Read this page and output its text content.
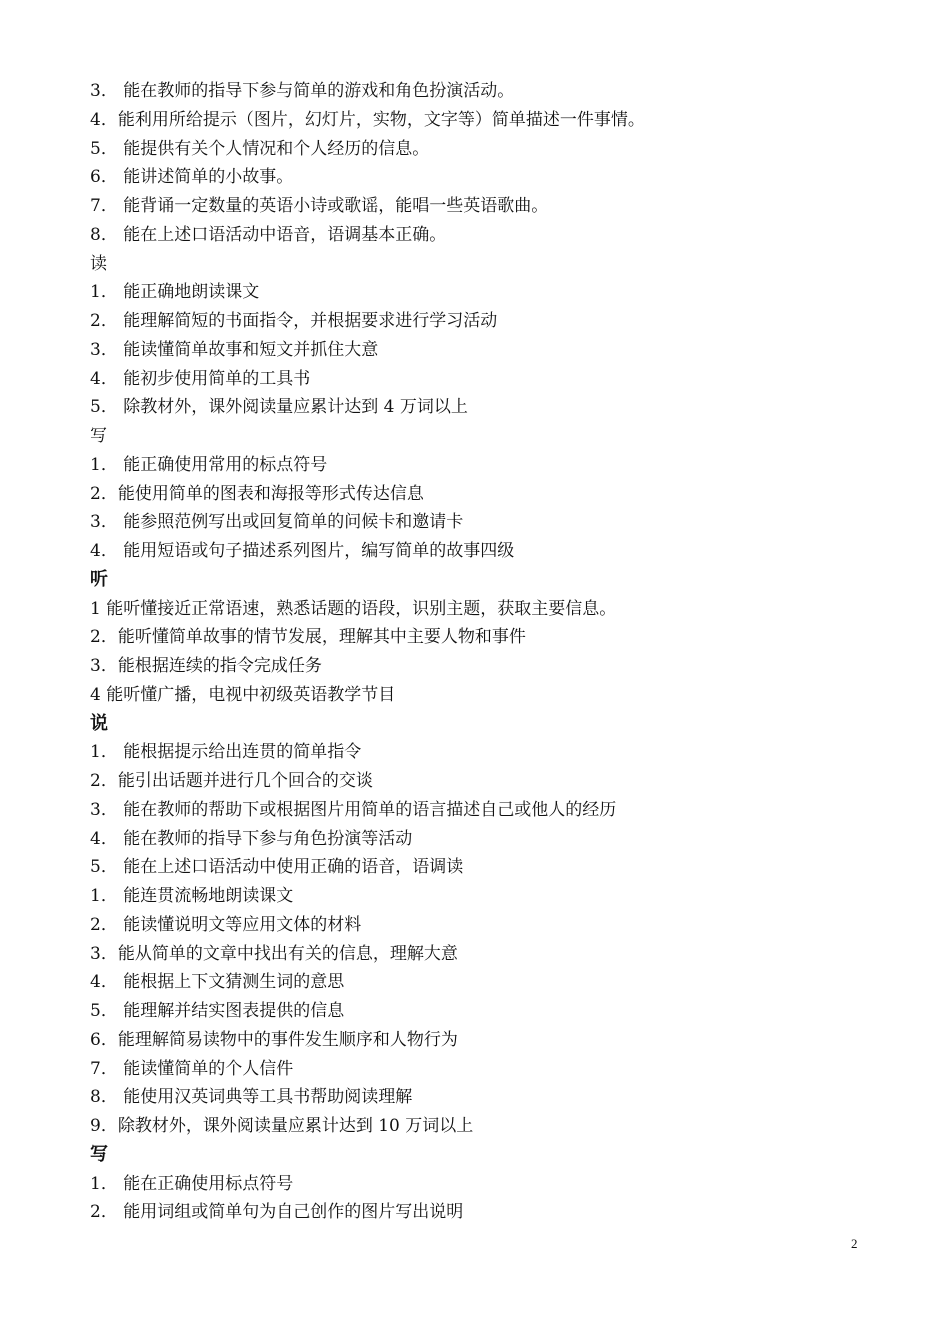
3． 能在教师的指导下参与简单的游戏和角色扮演活动。
4．能利用所给提示（图片，幻灯片，实物，文字等）简单描述一件事情。
5． 能提供有关个人情况和个人经历的信息。
6． 能讲述简单的小故事。
7． 能背诵一定数量的英语小诗或歌谣，能唱一些英语歌曲。
8． 能在上述口语活动中语音，语调基本正确。
读
1． 能正确地朗读课文
2． 能理解简短的书面指令，并根据要求进行学习活动
3． 能读懂简单故事和短文并抓住大意
4． 能初步使用简单的工具书
5． 除教材外，课外阅读量应累计达到 4 万词以上
写
1． 能正确使用常用的标点符号
2．能使用简单的图表和海报等形式传达信息
3． 能参照范例写出或回复简单的问候卡和邀请卡
4． 能用短语或句子描述系列图片，编写简单的故事四级
听
1 能听懂接近正常语速，熟悉话题的语段，识别主题，获取主要信息。
2．能听懂简单故事的情节发展，理解其中主要人物和事件
3．能根据连续的指令完成任务
4 能听懂广播，电视中初级英语教学节目
说
1． 能根据提示给出连贯的简单指令
2．能引出话题并进行几个回合的交谈
3． 能在教师的帮助下或根据图片用简单的语言描述自己或他人的经历
4． 能在教师的指导下参与角色扮演等活动
5． 能在上述口语活动中使用正确的语音，语调读
1． 能连贯流畅地朗读课文
2． 能读懂说明文等应用文体的材料
3．能从简单的文章中找出有关的信息，理解大意
4． 能根据上下文猜测生词的意思
5． 能理解并结实图表提供的信息
6．能理解简易读物中的事件发生顺序和人物行为
7． 能读懂简单的个人信件
8． 能使用汉英词典等工具书帮助阅读理解
9．除教材外，课外阅读量应累计达到 10 万词以上
写
1． 能在正确使用标点符号
2． 能用词组或简单句为自己创作的图片写出说明
2
